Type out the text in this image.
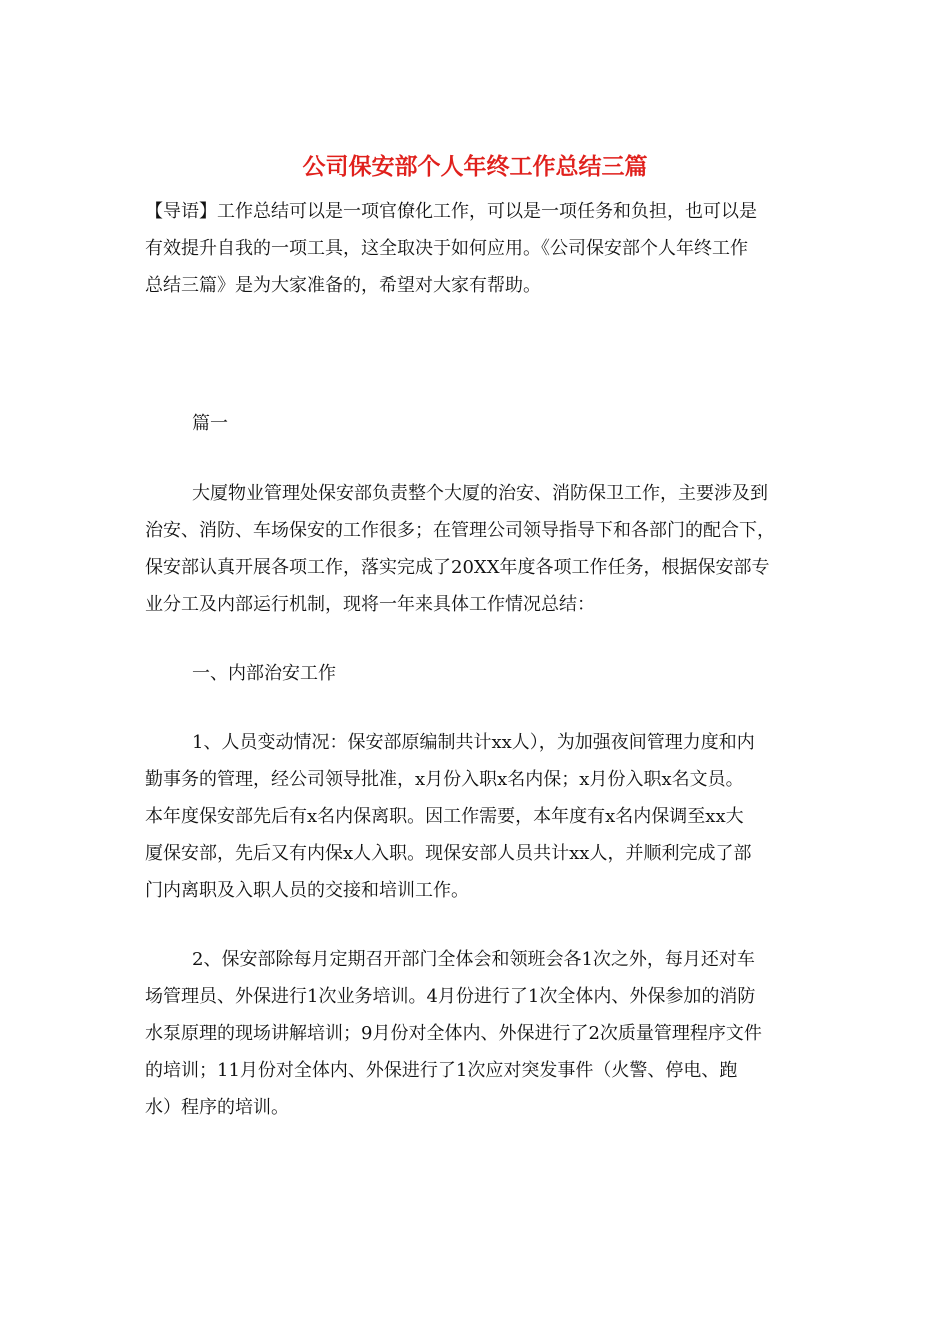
公司保安部个人年终工作总结三篇
【导语】工作总结可以是一项官僚化工作，可以是一项任务和负担，也可以是
有效提升自我的一项工具，这全取决于如何应用。《公司保安部个人年终工作
总结三篇》是为大家准备的，希望对大家有帮助。
篇一
大厦物业管理处保安部负责整个大厦的治安、消防保卫工作，主要涉及到
治安、消防、车场保安的工作很多；在管理公司领导指导下和各部门的配合下，
保安部认真开展各项工作，落实完成了20XX年度各项工作任务，根据保安部专
业分工及内部运行机制，现将一年来具体工作情况总结：
一、内部治安工作
1、人员变动情况：保安部原编制共计xx人），为加强夜间管理力度和内
勤事务的管理，经公司领导批准，x月份入职x名内保；x月份入职x名文员。
本年度保安部先后有x名内保离职。因工作需要，本年度有x名内保调至xx大
厦保安部，先后又有内保x人入职。现保安部人员共计xx人，并顺利完成了部
门内离职及入职人员的交接和培训工作。
2、保安部除每月定期召开部门全体会和领班会各1次之外，每月还对车
场管理员、外保进行1次业务培训。4月份进行了1次全体内、外保参加的消防
水泵原理的现场讲解培训；9月份对全体内、外保进行了2次质量管理程序文件
的培训；11月份对全体内、外保进行了1次应对突发事件（火警、停电、跑
水）程序的培训。
